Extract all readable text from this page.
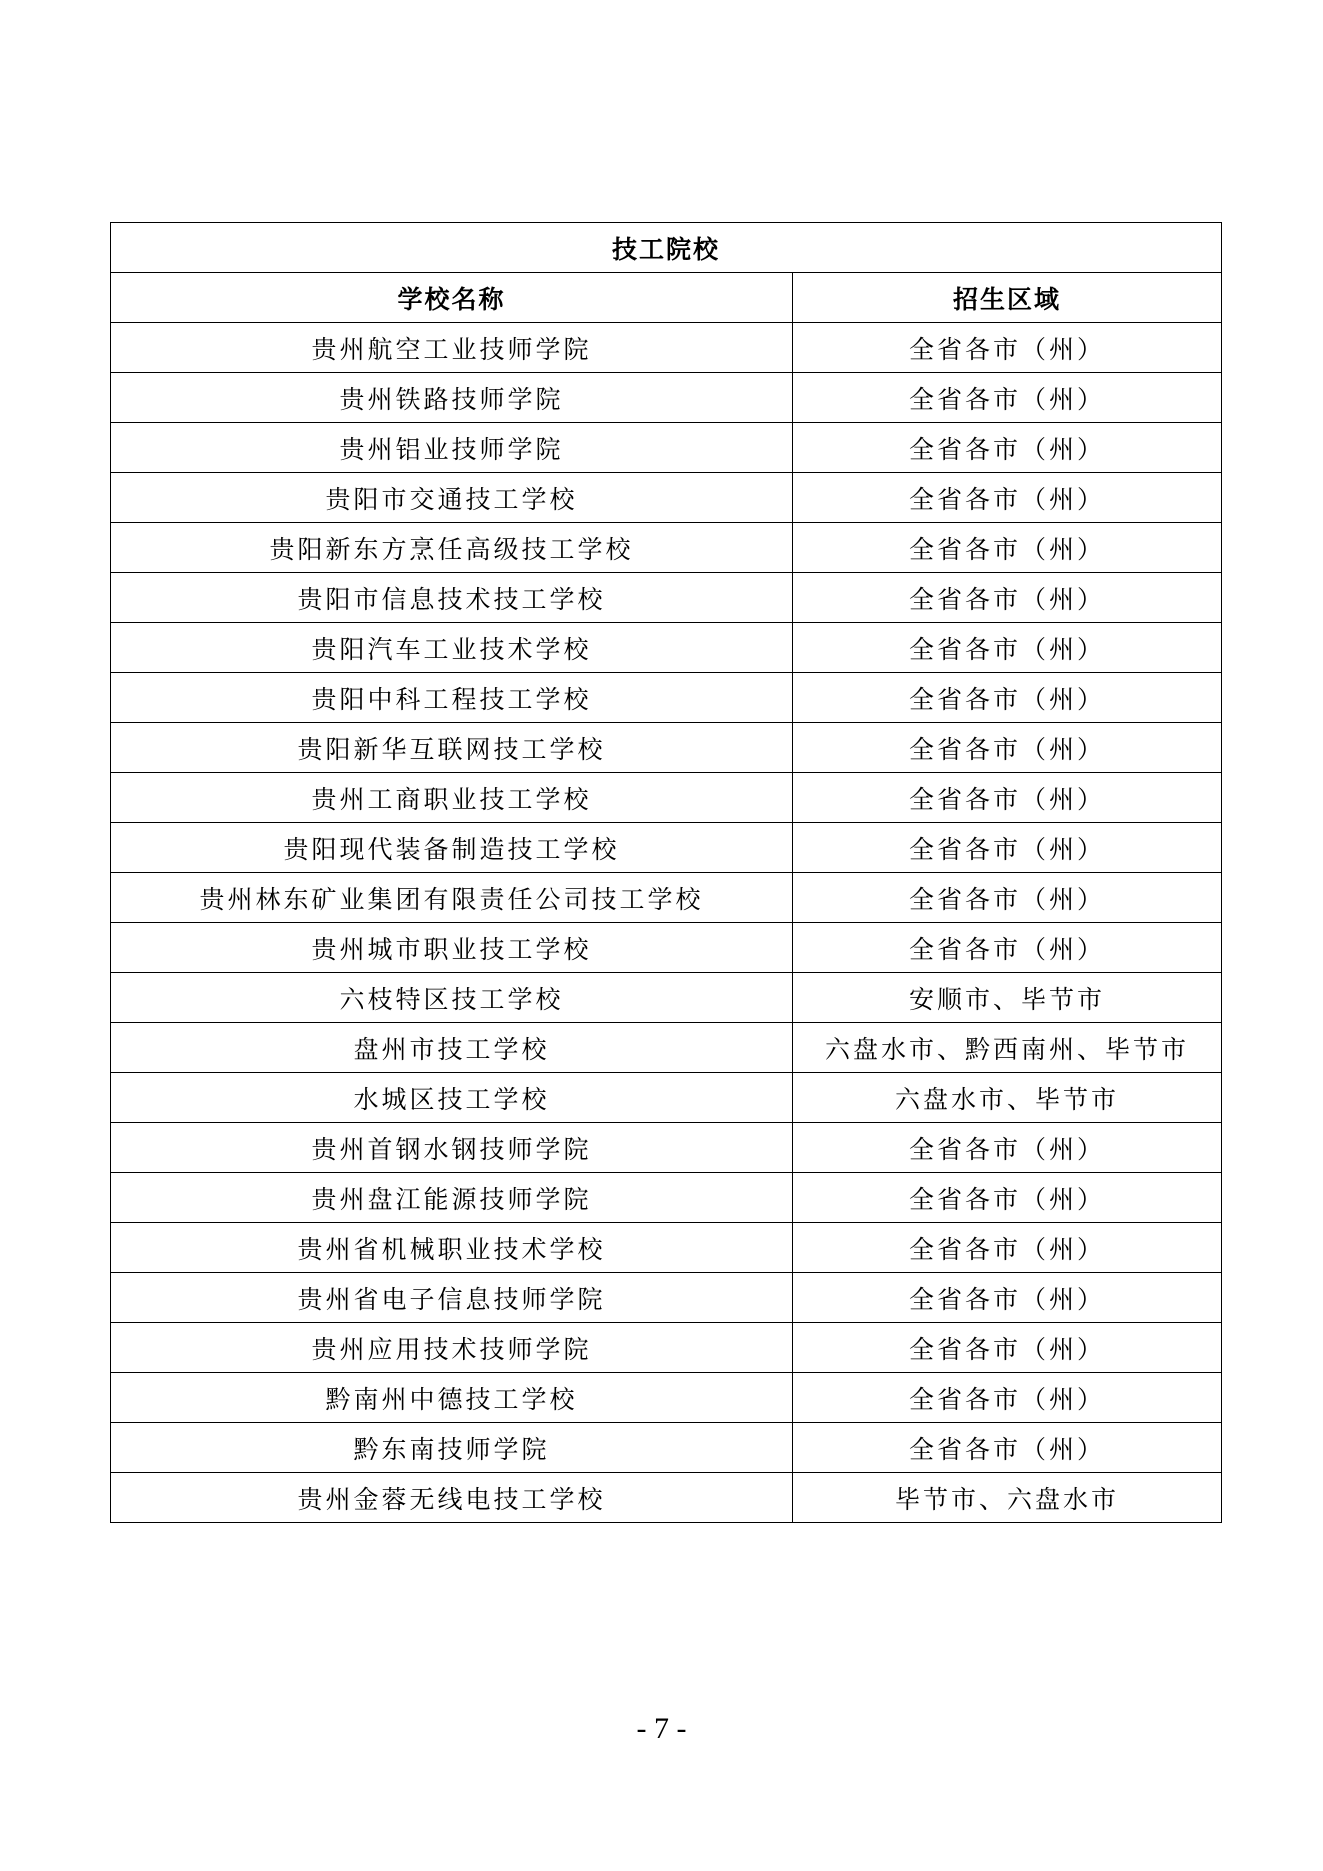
技工院校	
学校名称	招生区域
贵州航空工业技师学院	全省各市（州）
贵州铁路技师学院	全省各市（州）
贵州铝业技师学院	全省各市（州）
贵阳市交通技工学校	全省各市（州）
贵阳新东方烹任高级技工学校	全省各市（州）
贵阳市信息技术技工学校	全省各市（州）
贵阳汽车工业技术学校	全省各市（州）
贵阳中科工程技工学校	全省各市（州）
贵阳新华互联网技工学校	全省各市（州）
贵州工商职业技工学校	全省各市（州）
贵阳现代装备制造技工学校	全省各市（州）
贵州林东矿业集团有限责任公司技工学校	全省各市（州）
贵州城市职业技工学校	全省各市（州）
六枝特区技工学校	安顺市、毕节市
盘州市技工学校	六盘水市、黔西南州、毕节市
水城区技工学校	六盘水市、毕节市
贵州首钢水钢技师学院	全省各市（州）
贵州盘江能源技师学院	全省各市（州）
贵州省机械职业技术学校	全省各市（州）
贵州省电子信息技师学院	全省各市（州）
贵州应用技术技师学院	全省各市（州）
黔南州中德技工学校	全省各市（州）
黔东南技师学院	全省各市（州）
贵州金蓉无线电技工学校	毕节市、六盘水市
- 7 -
